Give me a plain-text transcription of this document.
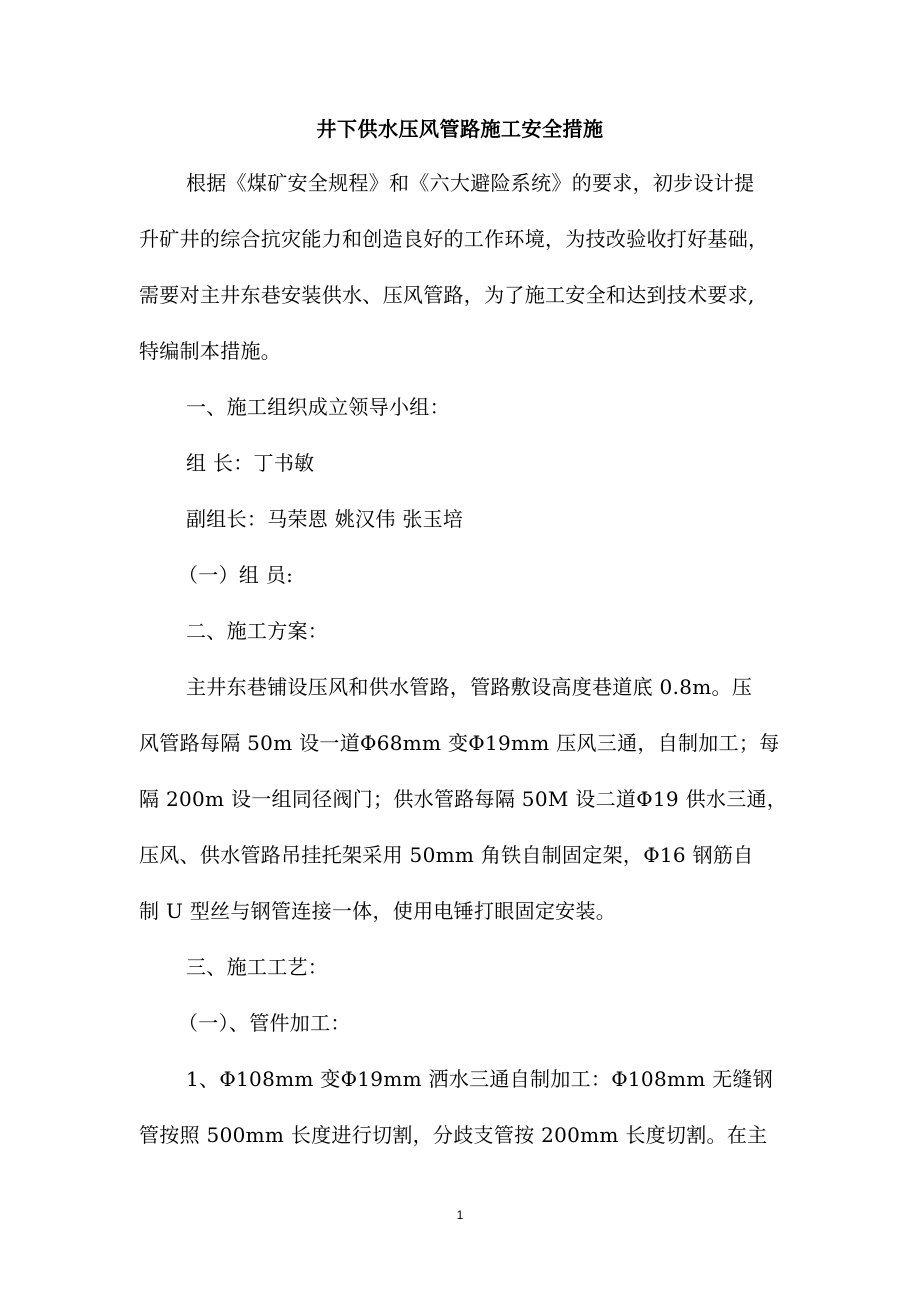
井下供水压风管路施工安全措施
根据《煤矿安全规程》和《六大避险系统》的要求，初步设计提
升矿井的综合抗灾能力和创造良好的工作环境，为技改验收打好基础，
需要对主井东巷安装供水、压风管路，为了施工安全和达到技术要求,
特编制本措施。
一、施工组织成立领导小组：
组 长：丁书敏
副组长：马荣恩 姚汉伟 张玉培
（一）组 员:
二、施工方案：
主井东巷铺设压风和供水管路，管路敷设高度巷道底 0.8m。压
风管路每隔 50m 设一道Φ68mm 变Φ19mm 压风三通，自制加工；每
隔 200m 设一组同径阀门；供水管路每隔 50M 设二道Φ19 供水三通，
压风、供水管路吊挂托架采用 50mm 角铁自制固定架，Φ16 钢筋自
制 U 型丝与钢管连接一体，使用电锤打眼固定安装。
三、施工工艺：
（一）、管件加工：
1、Φ108mm 变Φ19mm 洒水三通自制加工：Φ108mm 无缝钢
管按照 500mm 长度进行切割，分歧支管按 200mm 长度切割。在主
1
